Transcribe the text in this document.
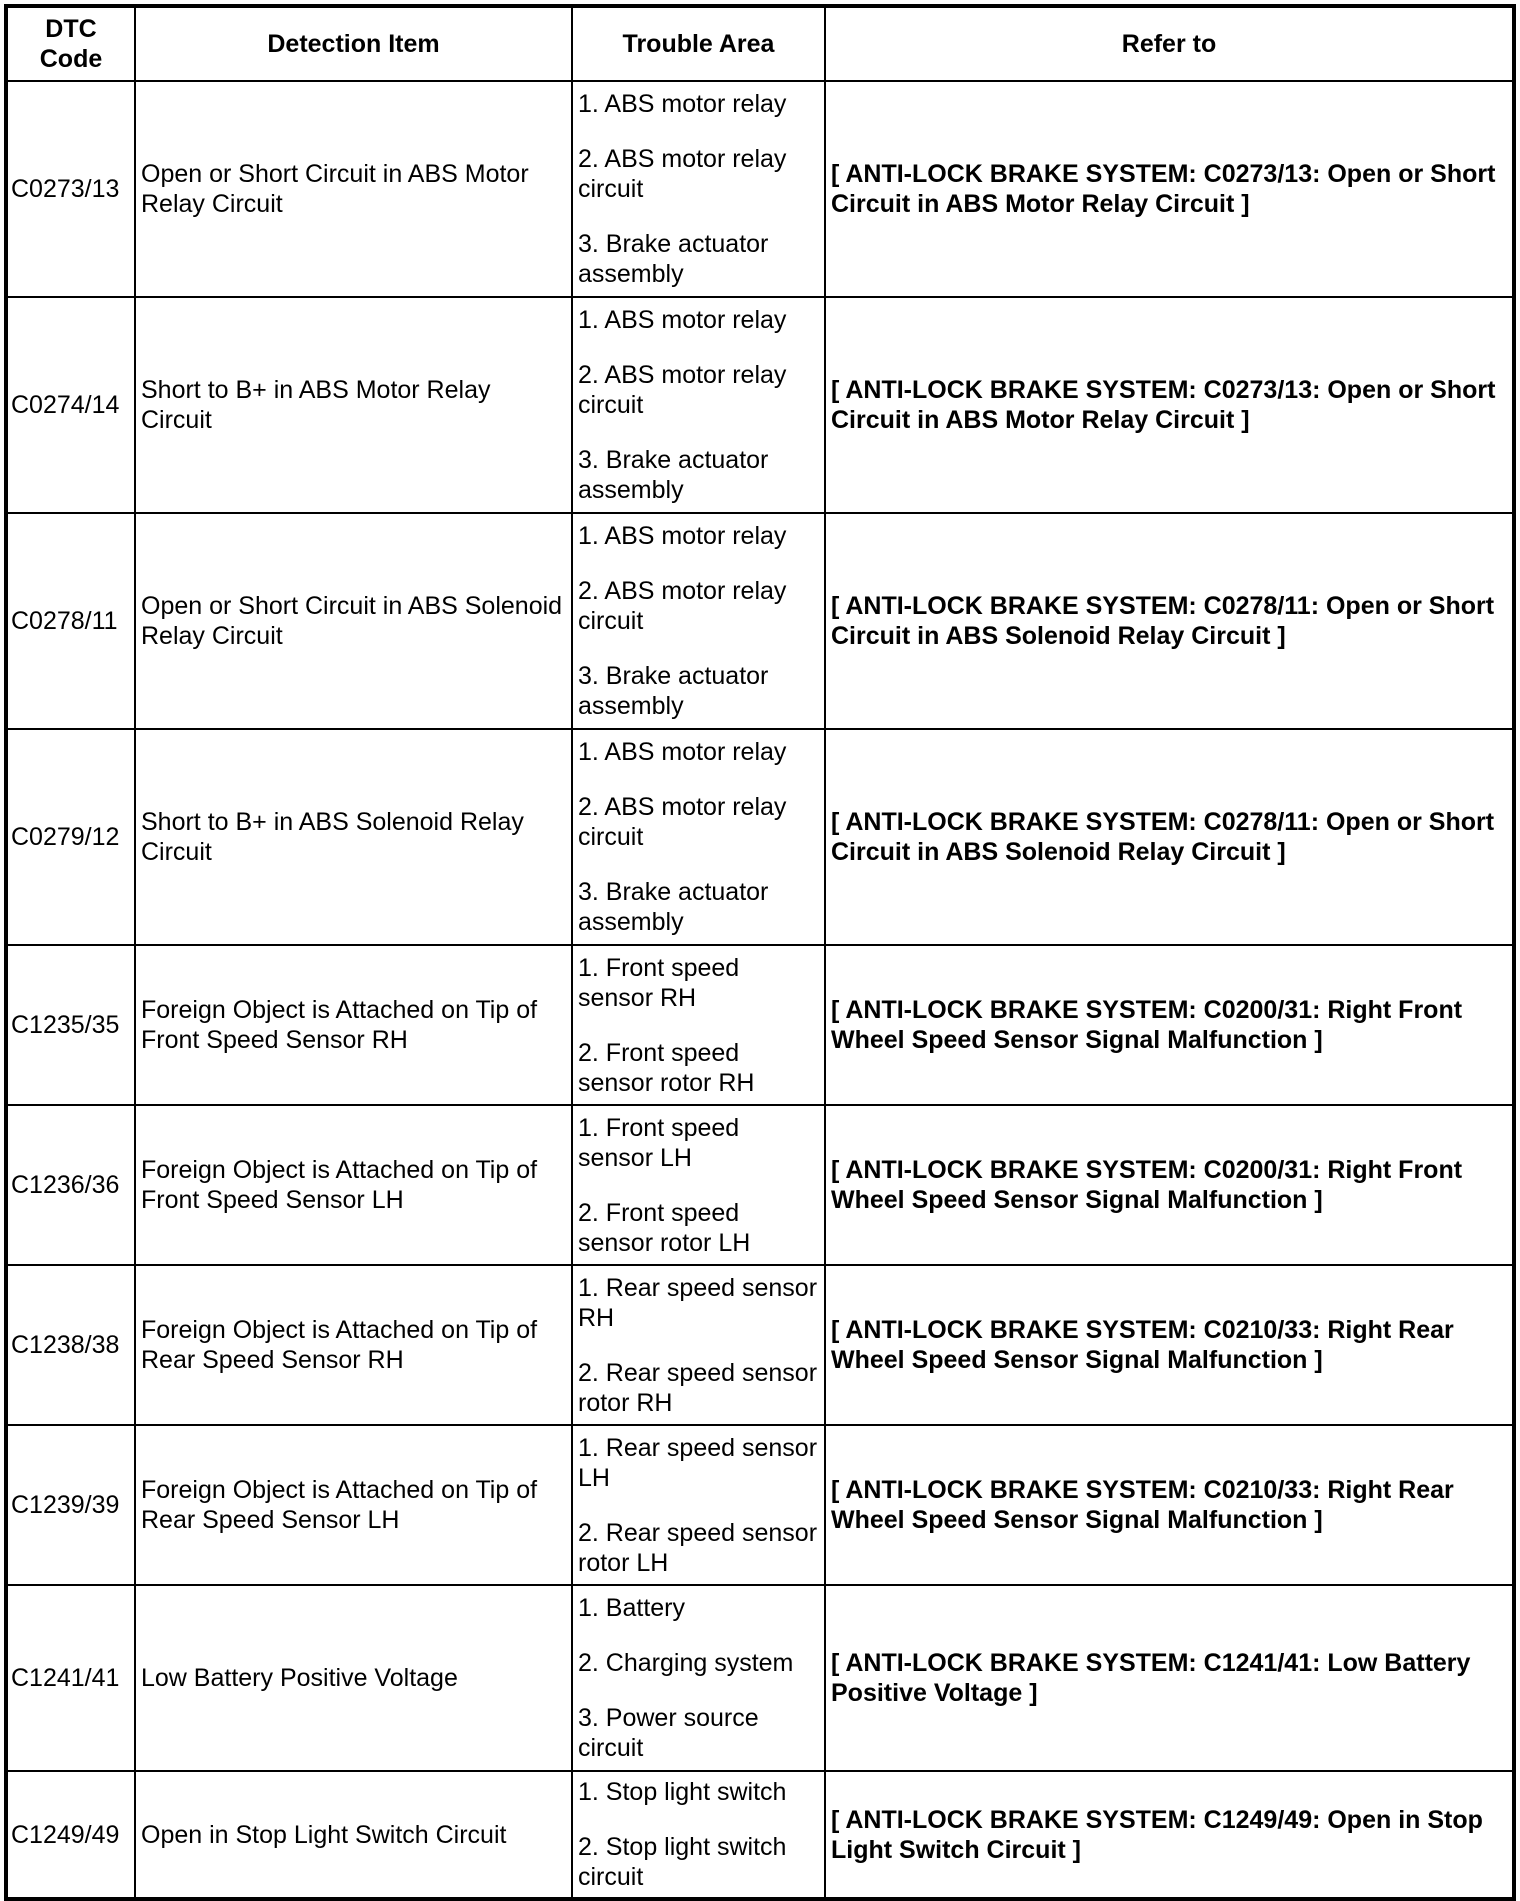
DTC Code	Detection Item	Trouble Area	Refer to
C0273/13	Open or Short Circuit in ABS Motor Relay Circuit	1. ABS motor relay
2. ABS motor relay circuit
3. Brake actuator assembly	[ ANTI-LOCK BRAKE SYSTEM: C0273/13: Open or Short Circuit in ABS Motor Relay Circuit ]
C0274/14	Short to B+ in ABS Motor Relay Circuit	1. ABS motor relay
2. ABS motor relay circuit
3. Brake actuator assembly	[ ANTI-LOCK BRAKE SYSTEM: C0273/13: Open or Short Circuit in ABS Motor Relay Circuit ]
C0278/11	Open or Short Circuit in ABS Solenoid Relay Circuit	1. ABS motor relay
2. ABS motor relay circuit
3. Brake actuator assembly	[ ANTI-LOCK BRAKE SYSTEM: C0278/11: Open or Short Circuit in ABS Solenoid Relay Circuit ]
C0279/12	Short to B+ in ABS Solenoid Relay Circuit	1. ABS motor relay
2. ABS motor relay circuit
3. Brake actuator assembly	[ ANTI-LOCK BRAKE SYSTEM: C0278/11: Open or Short Circuit in ABS Solenoid Relay Circuit ]
C1235/35	Foreign Object is Attached on Tip of Front Speed Sensor RH	1. Front speed sensor RH
2. Front speed sensor rotor RH	[ ANTI-LOCK BRAKE SYSTEM: C0200/31: Right Front Wheel Speed Sensor Signal Malfunction ]
C1236/36	Foreign Object is Attached on Tip of Front Speed Sensor LH	1. Front speed sensor LH
2. Front speed sensor rotor LH	[ ANTI-LOCK BRAKE SYSTEM: C0200/31: Right Front Wheel Speed Sensor Signal Malfunction ]
C1238/38	Foreign Object is Attached on Tip of Rear Speed Sensor RH	1. Rear speed sensor RH
2. Rear speed sensor rotor RH	[ ANTI-LOCK BRAKE SYSTEM: C0210/33: Right Rear Wheel Speed Sensor Signal Malfunction ]
C1239/39	Foreign Object is Attached on Tip of Rear Speed Sensor LH	1. Rear speed sensor LH
2. Rear speed sensor rotor LH	[ ANTI-LOCK BRAKE SYSTEM: C0210/33: Right Rear Wheel Speed Sensor Signal Malfunction ]
C1241/41	Low Battery Positive Voltage	1. Battery
2. Charging system
3. Power source circuit	[ ANTI-LOCK BRAKE SYSTEM: C1241/41: Low Battery Positive Voltage ]
C1249/49	Open in Stop Light Switch Circuit	1. Stop light switch
2. Stop light switch circuit	[ ANTI-LOCK BRAKE SYSTEM: C1249/49: Open in Stop Light Switch Circuit ]
